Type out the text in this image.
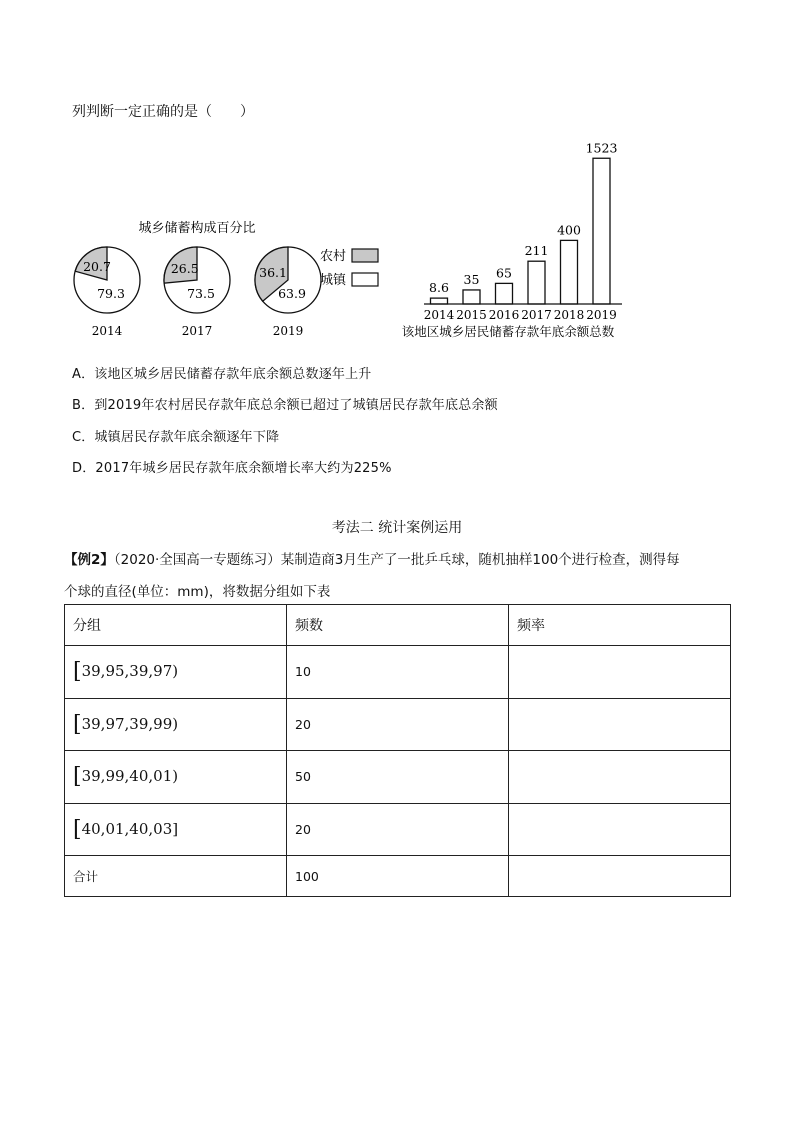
列判断一定正确的是（　　）
城乡储蓄构成百分比
20.7
79.3
2014
26.5
73.5
2017
36.1
63.9
2019
农村
城镇	8.6
2014
35
2015
65
2016
211
2017
400
2018
1523
2019
该地区城乡居民储蓄存款年底余额总数
A．该地区城乡居民储蓄存款年底余额总数逐年上升
B．到2019年农村居民存款年底总余额已超过了城镇居民存款年底总余额
C．城镇居民存款年底余额逐年下降
D．2017年城乡居民存款年底余额增长率大约为225%
考法二 统计案例运用
【例2】（2020·全国高一专题练习）某制造商3月生产了一批乒乓球，随机抽样100个进行检查，测得每
个球的直径(单位：mm)，将数据分组如下表
分组	频数	频率
[39,95,39,97)	10	
[39,97,39,99)	20	
[39,99,40,01)	50	
[40,01,40,03]	20	
合计	100	
